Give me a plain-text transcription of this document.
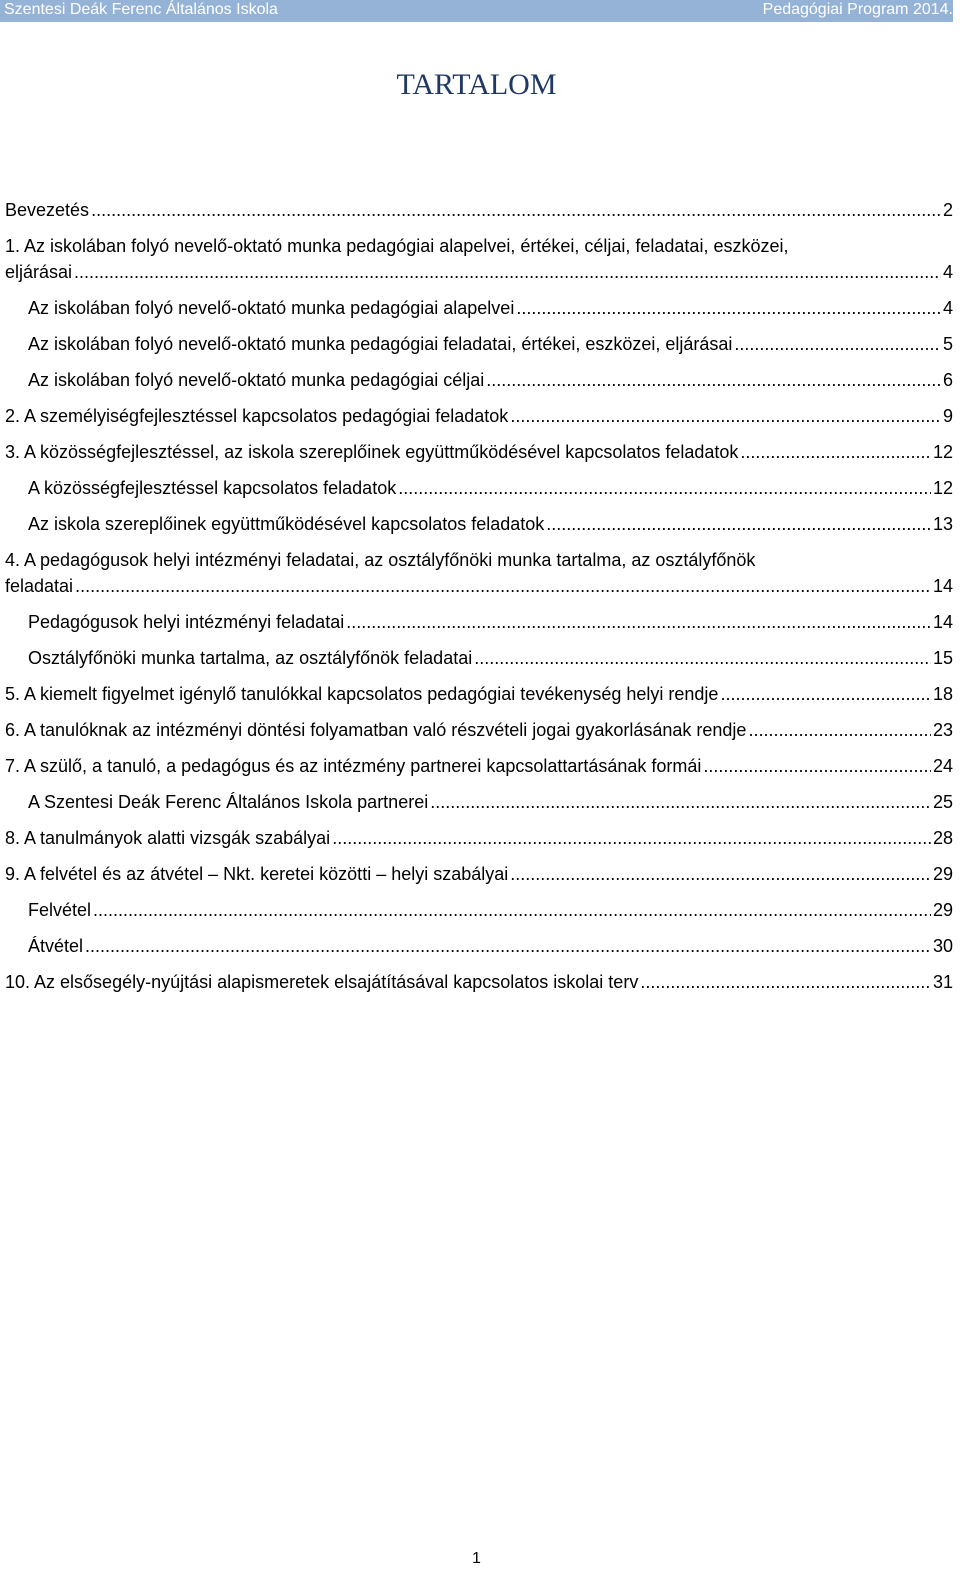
Szentesi Deák Ferenc Általános Iskola	Pedagógiai Program 2014.
TARTALOM
Bevezetés .....	2
1. Az iskolában folyó nevelő-oktató munka pedagógiai alapelvei, értékei, céljai, feladatai, eszközei,
eljárásai .....	4
Az iskolában folyó nevelő-oktató munka pedagógiai alapelvei .....	4
Az iskolában folyó nevelő-oktató munka pedagógiai feladatai, értékei, eszközei, eljárásai .....	5
Az iskolában folyó nevelő-oktató munka pedagógiai céljai .....	6
2. A személyiségfejlesztéssel kapcsolatos pedagógiai feladatok .....	9
3. A közösségfejlesztéssel, az iskola szereplőinek együttműködésével kapcsolatos feladatok .....	12
A közösségfejlesztéssel kapcsolatos feladatok .....	12
Az iskola szereplőinek együttműködésével kapcsolatos feladatok .....	13
4. A pedagógusok helyi intézményi feladatai, az osztályfőnöki munka tartalma, az osztályfőnök
feladatai .....	14
Pedagógusok helyi intézményi feladatai .....	14
Osztályfőnöki munka tartalma, az osztályfőnök feladatai .....	15
5. A kiemelt figyelmet igénylő tanulókkal kapcsolatos pedagógiai tevékenység helyi rendje .....	18
6. A tanulóknak az intézményi döntési folyamatban való részvételi jogai gyakorlásának rendje .....	23
7. A szülő, a tanuló, a pedagógus és az intézmény partnerei kapcsolattartásának formái .....	24
A Szentesi Deák Ferenc Általános Iskola partnerei .....	25
8. A tanulmányok alatti vizsgák szabályai .....	28
9. A felvétel és az átvétel – Nkt. keretei közötti – helyi szabályai .....	29
Felvétel .....	29
Átvétel .....	30
10. Az elsősegély-nyújtási alapismeretek elsajátításával kapcsolatos iskolai terv .....	31
1
